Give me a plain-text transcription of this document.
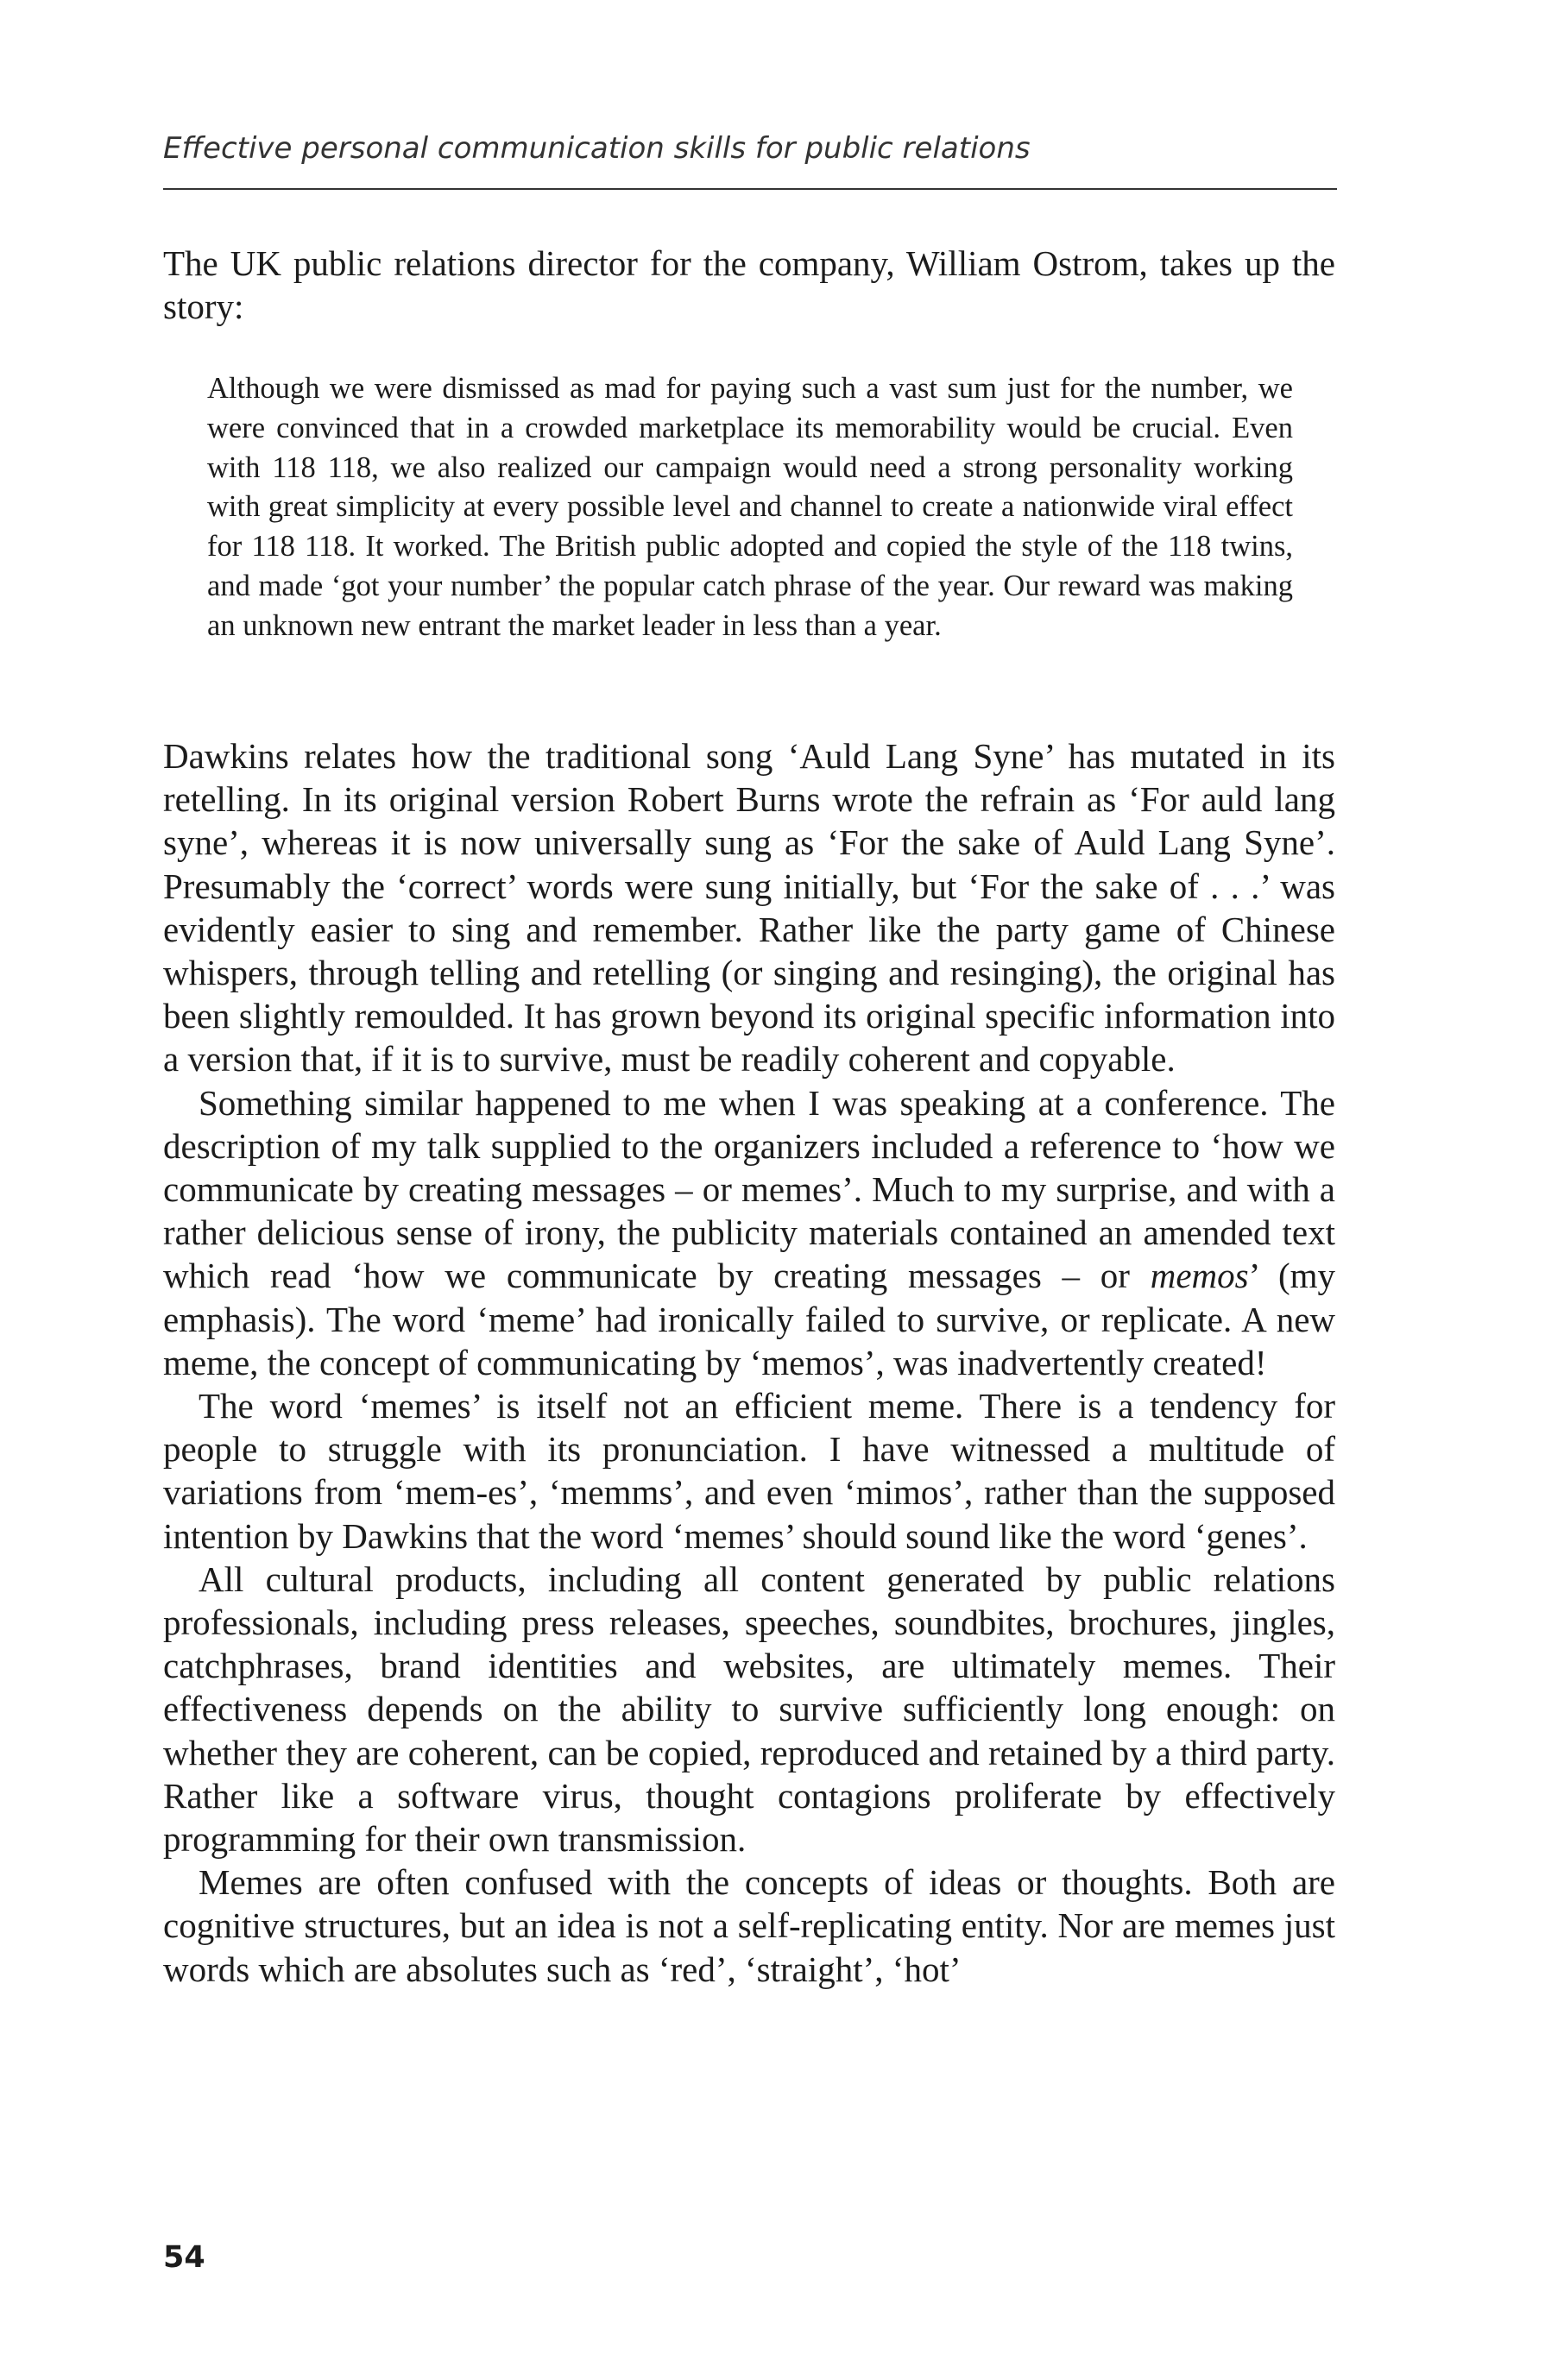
Effective personal communication skills for public relations

The UK public relations director for the company, William Ostrom, takes up the story:

Although we were dismissed as mad for paying such a vast sum just for the number, we were convinced that in a crowded marketplace its memorability would be crucial. Even with 118 118, we also realized our campaign would need a strong personality working with great simplicity at every possible level and channel to create a nationwide viral effect for 118 118. It worked. The British public adopted and copied the style of the 118 twins, and made ‘got your number’ the popular catch phrase of the year. Our reward was making an unknown new entrant the market leader in less than a year.

Dawkins relates how the traditional song ‘Auld Lang Syne’ has mutated in its retelling. In its original version Robert Burns wrote the refrain as ‘For auld lang syne’, whereas it is now universally sung as ‘For the sake of Auld Lang Syne’. Presumably the ‘correct’ words were sung initially, but ‘For the sake of . . .’ was evidently easier to sing and remember. Rather like the party game of Chinese whispers, through telling and retelling (or singing and resinging), the original has been slightly remoulded. It has grown beyond its original specific information into a version that, if it is to survive, must be readily coherent and copyable.

Something similar happened to me when I was speaking at a conference. The description of my talk supplied to the organizers included a reference to ‘how we communicate by creating messages – or memes’. Much to my surprise, and with a rather delicious sense of irony, the publicity materials contained an amended text which read ‘how we communicate by creating messages – or memos’ (my emphasis). The word ‘meme’ had ironically failed to survive, or replicate. A new meme, the concept of communicating by ‘memos’, was inadvertently created!

The word ‘memes’ is itself not an efficient meme. There is a tendency for people to struggle with its pronunciation. I have witnessed a multitude of variations from ‘mem-es’, ‘memms’, and even ‘mimos’, rather than the supposed intention by Dawkins that the word ‘memes’ should sound like the word ‘genes’.

All cultural products, including all content generated by public relations professionals, including press releases, speeches, soundbites, brochures, jingles, catchphrases, brand identities and websites, are ultimately memes. Their effectiveness depends on the ability to survive sufficiently long enough: on whether they are coherent, can be copied, reproduced and retained by a third party. Rather like a software virus, thought contagions proliferate by effectively programming for their own transmission.

Memes are often confused with the concepts of ideas or thoughts. Both are cognitive structures, but an idea is not a self-replicating entity. Nor are memes just words which are absolutes such as ‘red’, ‘straight’, ‘hot’

54
